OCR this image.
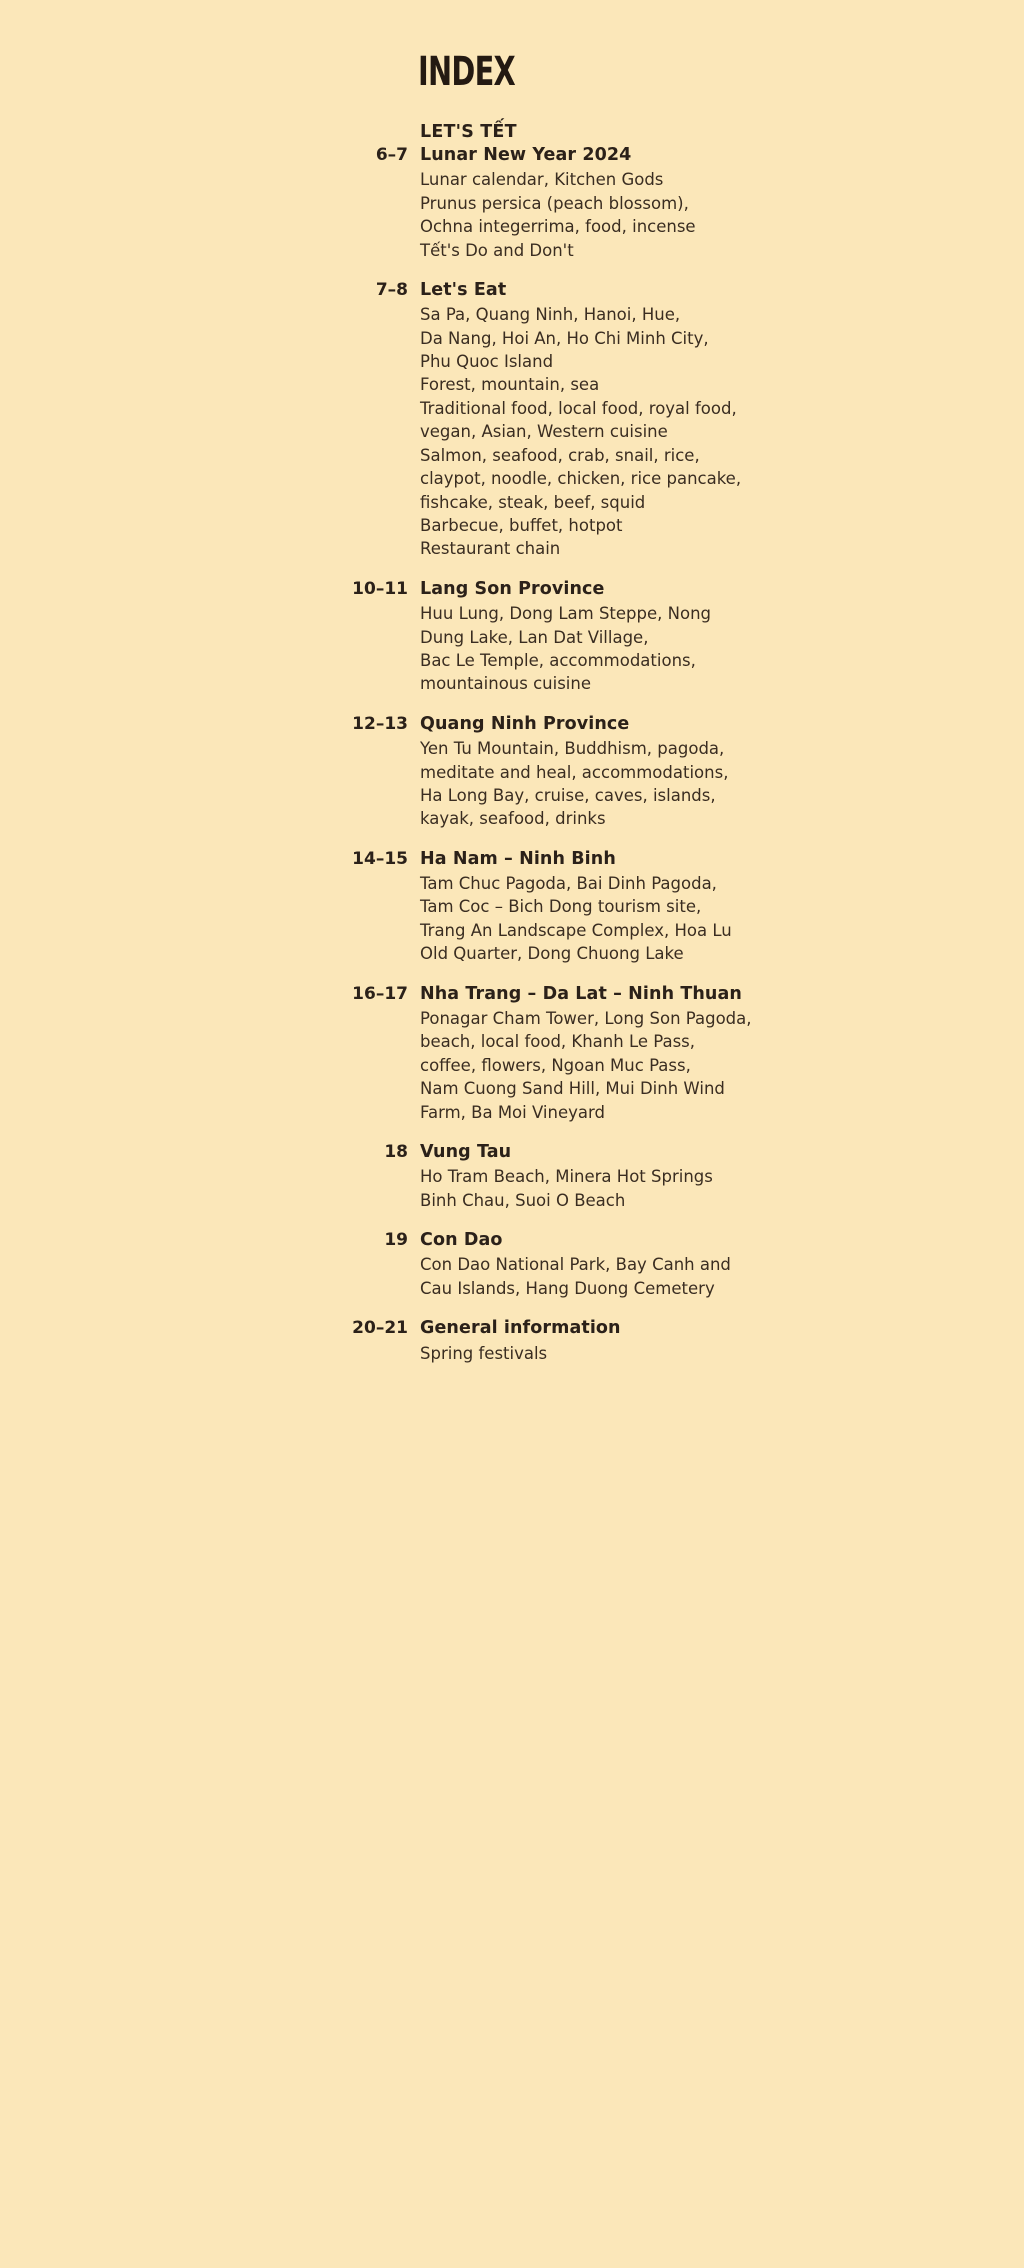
INDEX
LET'S TẾT
6–7 Lunar New Year 2024
Lunar calendar, Kitchen Gods
Prunus persica (peach blossom),
Ochna integerrima, food, incense
Tết's Do and Don't
7–8 Let's Eat
Sa Pa, Quang Ninh, Hanoi, Hue,
Da Nang, Hoi An, Ho Chi Minh City,
Phu Quoc Island
Forest, mountain, sea
Traditional food, local food, royal food,
vegan, Asian, Western cuisine
Salmon, seafood, crab, snail, rice,
claypot, noodle, chicken, rice pancake,
fishcake, steak, beef, squid
Barbecue, buffet, hotpot
Restaurant chain
10–11 Lang Son Province
Huu Lung, Dong Lam Steppe, Nong
Dung Lake, Lan Dat Village,
Bac Le Temple, accommodations,
mountainous cuisine
12–13 Quang Ninh Province
Yen Tu Mountain, Buddhism, pagoda,
meditate and heal, accommodations,
Ha Long Bay, cruise, caves, islands,
kayak, seafood, drinks
14–15 Ha Nam – Ninh Binh
Tam Chuc Pagoda, Bai Dinh Pagoda,
Tam Coc – Bich Dong tourism site,
Trang An Landscape Complex, Hoa Lu
Old Quarter, Dong Chuong Lake
16–17 Nha Trang – Da Lat – Ninh Thuan
Ponagar Cham Tower, Long Son Pagoda,
beach, local food, Khanh Le Pass,
coffee, flowers, Ngoan Muc Pass,
Nam Cuong Sand Hill, Mui Dinh Wind
Farm, Ba Moi Vineyard
18 Vung Tau
Ho Tram Beach, Minera Hot Springs
Binh Chau, Suoi O Beach
19 Con Dao
Con Dao National Park, Bay Canh and
Cau Islands, Hang Duong Cemetery
20–21 General information
Spring festivals
